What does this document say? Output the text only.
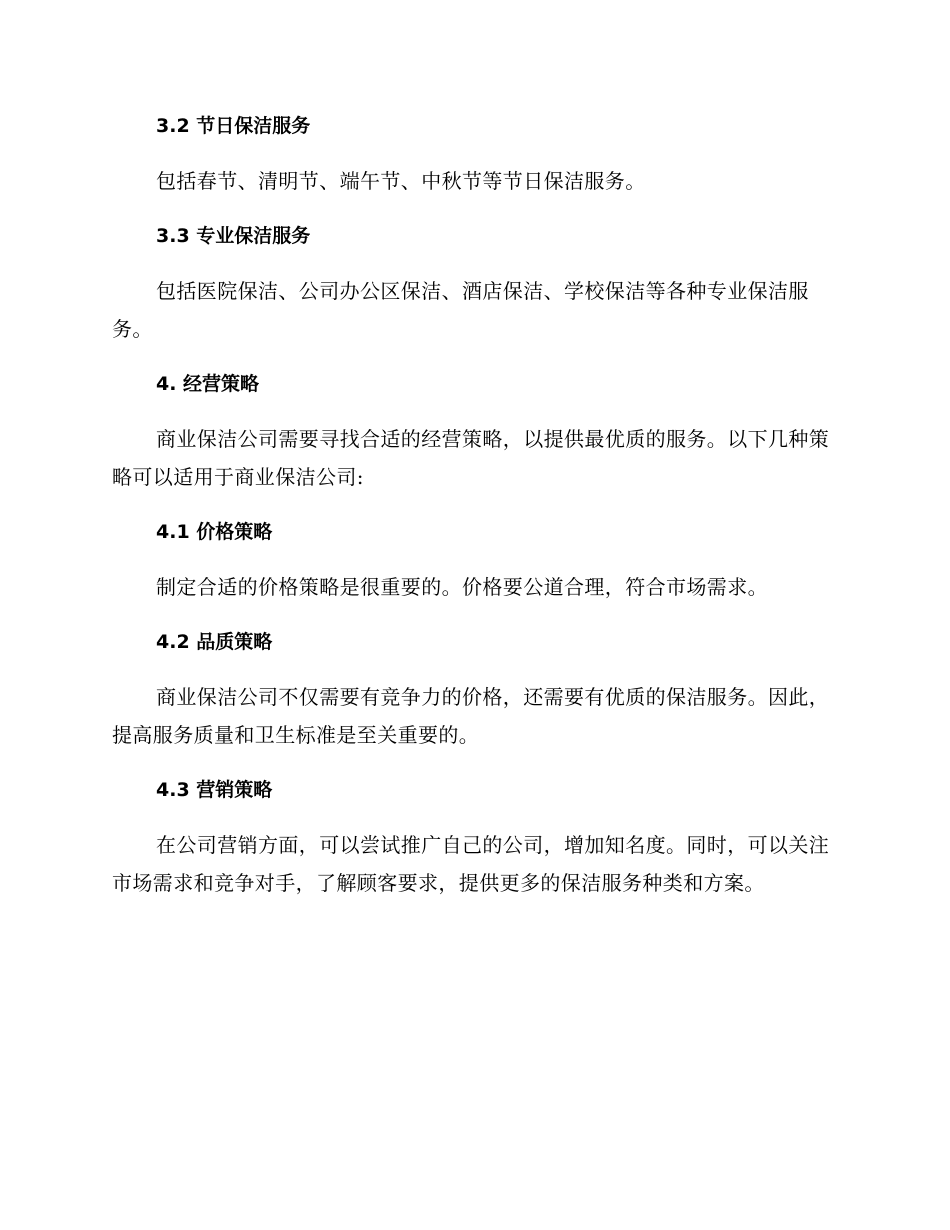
3.2 节日保洁服务

包括春节、清明节、端午节、中秋节等节日保洁服务。

3.3 专业保洁服务

包括医院保洁、公司办公区保洁、酒店保洁、学校保洁等各种专业保洁服务。

4. 经营策略

商业保洁公司需要寻找合适的经营策略，以提供最优质的服务。以下几种策略可以适用于商业保洁公司:

4.1 价格策略

制定合适的价格策略是很重要的。价格要公道合理，符合市场需求。

4.2 品质策略

商业保洁公司不仅需要有竞争力的价格，还需要有优质的保洁服务。因此，提高服务质量和卫生标准是至关重要的。

4.3 营销策略

在公司营销方面，可以尝试推广自己的公司，增加知名度。同时，可以关注市场需求和竞争对手，了解顾客要求，提供更多的保洁服务种类和方案。
